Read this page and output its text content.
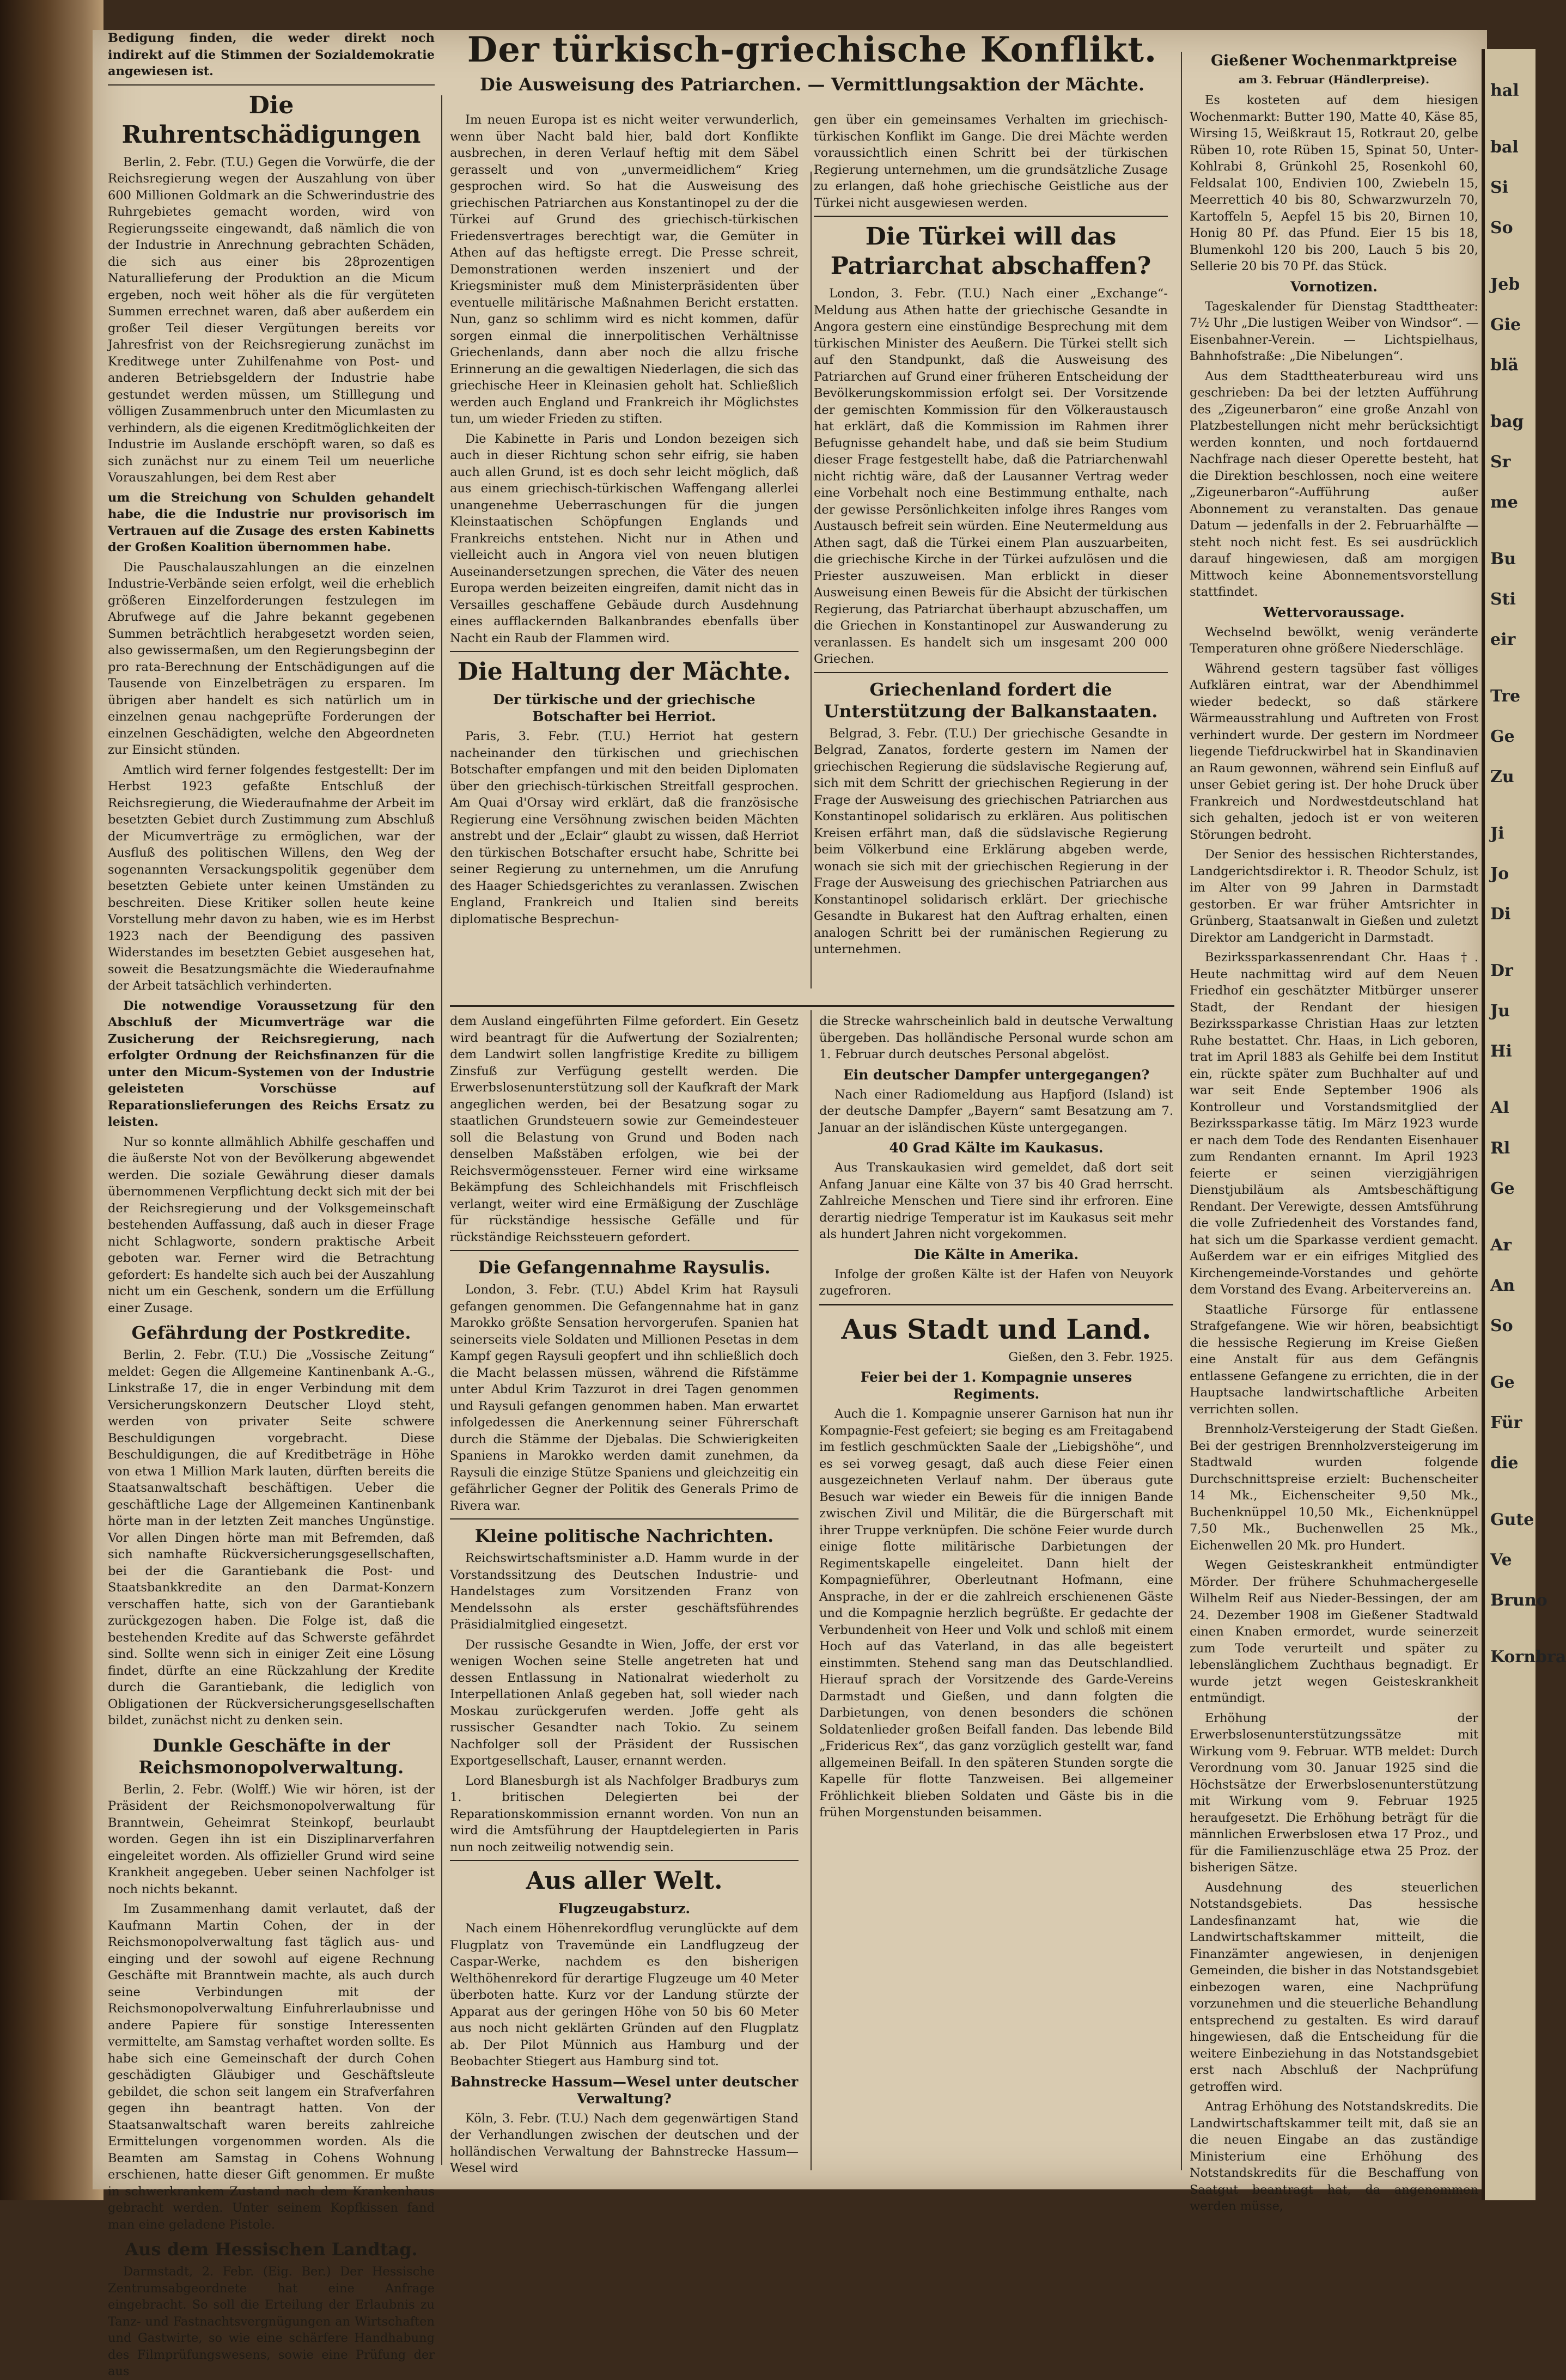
Bedigung finden, die weder direkt noch indirekt auf die Stimmen der Sozialdemokratie angewiesen ist.

Die Ruhrentschädigungen

Berlin, 2. Febr. (T.U.) Gegen die Vorwürfe, die der Reichsregierung wegen der Auszahlung von über 600 Millionen Goldmark an die Schwerindustrie des Ruhrgebietes gemacht worden, wird von Regierungsseite eingewandt, daß nämlich die von der Industrie in Anrechnung gebrachten Schäden, die sich aus einer bis 28prozentigen Naturallieferung der Produktion an die Micum ergeben, noch weit höher als die für vergüteten Summen errechnet waren, daß aber außerdem ein großer Teil dieser Vergütungen bereits vor Jahresfrist von der Reichsregierung zunächst im Kreditwege unter Zuhilfenahme von Post- und anderen Betriebsgeldern der Industrie habe gestundet werden müssen, um Stilllegung und völligen Zusammenbruch unter den Micumlasten zu verhindern, als die eigenen Kreditmöglichkeiten der Industrie im Auslande erschöpft waren, so daß es sich zunächst nur zu einem Teil um neuerliche Vorauszahlungen, bei dem Rest aber

um die Streichung von Schulden gehandelt habe, die die Industrie nur provisorisch im Vertrauen auf die Zusage des ersten Kabinetts der Großen Koalition übernommen habe.

Die Pauschalauszahlungen an die einzelnen Industrie-Verbände seien erfolgt, weil die erheblich größeren Einzelforderungen festzulegen im Abrufwege auf die Jahre bekannt gegebenen Summen beträchtlich herabgesetzt worden seien, also gewissermaßen, um den Regierungsbeginn der pro rata-Berechnung der Entschädigungen auf die Tausende von Einzelbeträgen zu ersparen. Im übrigen aber handelt es sich natürlich um in einzelnen genau nachgeprüfte Forderungen der einzelnen Geschädigten, welche den Abgeordneten zur Einsicht stünden.

Amtlich wird ferner folgendes festgestellt: Der im Herbst 1923 gefaßte Entschluß der Reichsregierung, die Wiederaufnahme der Arbeit im besetzten Gebiet durch Zustimmung zum Abschluß der Micumverträge zu ermöglichen, war der Ausfluß des politischen Willens, den Weg der sogenannten Versackungspolitik gegenüber dem besetzten Gebiete unter keinen Umständen zu beschreiten. Diese Kritiker sollen heute keine Vorstellung mehr davon zu haben, wie es im Herbst 1923 nach der Beendigung des passiven Widerstandes im besetzten Gebiet ausgesehen hat, soweit die Besatzungsmächte die Wiederaufnahme der Arbeit tatsächlich verhinderten.

Die notwendige Voraussetzung für den Abschluß der Micumverträge war die Zusicherung der Reichsregierung, nach erfolgter Ordnung der Reichsfinanzen für die unter den Micum-Systemen von der Industrie geleisteten Vorschüsse auf Reparationslieferungen des Reichs Ersatz zu leisten.

Nur so konnte allmählich Abhilfe geschaffen und die äußerste Not von der Bevölkerung abgewendet werden. Die soziale Gewährung dieser damals übernommenen Verpflichtung deckt sich mit der bei der Reichsregierung und der Volksgemeinschaft bestehenden Auffassung, daß auch in dieser Frage nicht Schlagworte, sondern praktische Arbeit geboten war. Ferner wird die Betrachtung gefordert: Es handelte sich auch bei der Auszahlung nicht um ein Geschenk, sondern um die Erfüllung einer Zusage.

Gefährdung der Postkredite.

Berlin, 2. Febr. (T.U.) Die „Vossische Zeitung“ meldet: Gegen die Allgemeine Kantinenbank A.-G., Linkstraße 17, die in enger Verbindung mit dem Versicherungskonzern Deutscher Lloyd steht, werden von privater Seite schwere Beschuldigungen vorgebracht. Diese Beschuldigungen, die auf Kreditbeträge in Höhe von etwa 1 Million Mark lauten, dürften bereits die Staatsanwaltschaft beschäftigen. Ueber die geschäftliche Lage der Allgemeinen Kantinenbank hörte man in der letzten Zeit manches Ungünstige. Vor allen Dingen hörte man mit Befremden, daß sich namhafte Rückversicherungsgesellschaften, bei der die Garantiebank die Post- und Staatsbankkredite an den Darmat-Konzern verschaffen hatte, sich von der Garantiebank zurückgezogen haben. Die Folge ist, daß die bestehenden Kredite auf das Schwerste gefährdet sind. Sollte wenn sich in einiger Zeit eine Lösung findet, dürfte an eine Rückzahlung der Kredite durch die Garantiebank, die lediglich von Obligationen der Rückversicherungsgesellschaften bildet, zunächst nicht zu denken sein.

Dunkle Geschäfte in der Reichsmonopolverwaltung.

Berlin, 2. Febr. (Wolff.) Wie wir hören, ist der Präsident der Reichsmonopolverwaltung für Branntwein, Geheimrat Steinkopf, beurlaubt worden. Gegen ihn ist ein Disziplinarverfahren eingeleitet worden. Als offizieller Grund wird seine Krankheit angegeben. Ueber seinen Nachfolger ist noch nichts bekannt.

Im Zusammenhang damit verlautet, daß der Kaufmann Martin Cohen, der in der Reichsmonopolverwaltung fast täglich aus- und einging und der sowohl auf eigene Rechnung Geschäfte mit Branntwein machte, als auch durch seine Verbindungen mit der Reichsmonopolverwaltung Einfuhrerlaubnisse und andere Papiere für sonstige Interessenten vermittelte, am Samstag verhaftet worden sollte. Es habe sich eine Gemeinschaft der durch Cohen geschädigten Gläubiger und Geschäftsleute gebildet, die schon seit langem ein Strafverfahren gegen ihn beantragt hatten. Von der Staatsanwaltschaft waren bereits zahlreiche Ermittelungen vorgenommen worden. Als die Beamten am Samstag in Cohens Wohnung erschienen, hatte dieser Gift genommen. Er mußte in schwerkrankem Zustand nach dem Krankenhaus gebracht werden. Unter seinem Kopfkissen fand man eine geladene Pistole.

Aus dem Hessischen Landtag.

Darmstadt, 2. Febr. (Eig. Ber.) Der Hessische Zentrumsabgeordnete hat eine Anfrage eingebracht. So soll die Erteilung der Erlaubnis zu Tanz- und Fastnachtsvergnügungen an Wirtschaften und Gastwirte, so wie eine schärfere Handhabung des Filmprüfungswesens, sowie eine Prüfung der aus

Der türkisch-griechische Konflikt.
Die Ausweisung des Patriarchen. — Vermittlungsaktion der Mächte.

Im neuen Europa ist es nicht weiter verwunderlich, wenn über Nacht bald hier, bald dort Konflikte ausbrechen, in deren Verlauf heftig mit dem Säbel gerasselt und von „unvermeidlichem“ Krieg gesprochen wird. So hat die Ausweisung des griechischen Patriarchen aus Konstantinopel zu der die Türkei auf Grund des griechisch-türkischen Friedensvertrages berechtigt war, die Gemüter in Athen auf das heftigste erregt. Die Presse schreit, Demonstrationen werden inszeniert und der Kriegsminister muß dem Ministerpräsidenten über eventuelle militärische Maßnahmen Bericht erstatten. Nun, ganz so schlimm wird es nicht kommen, dafür sorgen einmal die innerpolitischen Verhältnisse Griechenlands, dann aber noch die allzu frische Erinnerung an die gewaltigen Niederlagen, die sich das griechische Heer in Kleinasien geholt hat. Schließlich werden auch England und Frankreich ihr Möglichstes tun, um wieder Frieden zu stiften.

Die Kabinette in Paris und London bezeigen sich auch in dieser Richtung schon sehr eifrig, sie haben auch allen Grund, ist es doch sehr leicht möglich, daß aus einem griechisch-türkischen Waffengang allerlei unangenehme Ueberraschungen für die jungen Kleinstaatischen Schöpfungen Englands und Frankreichs entstehen. Nicht nur in Athen und vielleicht auch in Angora viel von neuen blutigen Auseinandersetzungen sprechen, die Väter des neuen Europa werden beizeiten eingreifen, damit nicht das in Versailles geschaffene Gebäude durch Ausdehnung eines aufflackernden Balkanbrandes ebenfalls über Nacht ein Raub der Flammen wird.

Die Haltung der Mächte.
Der türkische und der griechische Botschafter bei Herriot.

Paris, 3. Febr. (T.U.) Herriot hat gestern nacheinander den türkischen und griechischen Botschafter empfangen und mit den beiden Diplomaten über den griechisch-türkischen Streitfall gesprochen. Am Quai d'Orsay wird erklärt, daß die französische Regierung eine Versöhnung zwischen beiden Mächten anstrebt und der „Eclair“ glaubt zu wissen, daß Herriot den türkischen Botschafter ersucht habe, Schritte bei seiner Regierung zu unternehmen, um die Anrufung des Haager Schiedsgerichtes zu veranlassen. Zwischen England, Frankreich und Italien sind bereits diplomatische Besprechun-

gen über ein gemeinsames Verhalten im griechisch-türkischen Konflikt im Gange. Die drei Mächte werden voraussichtlich einen Schritt bei der türkischen Regierung unternehmen, um die grundsätzliche Zusage zu erlangen, daß hohe griechische Geistliche aus der Türkei nicht ausgewiesen werden.

Die Türkei will das Patriarchat abschaffen?

London, 3. Febr. (T.U.) Nach einer „Exchange“-Meldung aus Athen hatte der griechische Gesandte in Angora gestern eine einstündige Besprechung mit dem türkischen Minister des Aeußern. Die Türkei stellt sich auf den Standpunkt, daß die Ausweisung des Patriarchen auf Grund einer früheren Entscheidung der Bevölkerungskommission erfolgt sei. Der Vorsitzende der gemischten Kommission für den Völkeraustausch hat erklärt, daß die Kommission im Rahmen ihrer Befugnisse gehandelt habe, und daß sie beim Studium dieser Frage festgestellt habe, daß die Patriarchenwahl nicht richtig wäre, daß der Lausanner Vertrag weder eine Vorbehalt noch eine Bestimmung enthalte, nach der gewisse Persönlichkeiten infolge ihres Ranges vom Austausch befreit sein würden. Eine Neutermeldung aus Athen sagt, daß die Türkei einem Plan auszuarbeiten, die griechische Kirche in der Türkei aufzulösen und die Priester auszuweisen. Man erblickt in dieser Ausweisung einen Beweis für die Absicht der türkischen Regierung, das Patriarchat überhaupt abzuschaffen, um die Griechen in Konstantinopel zur Auswanderung zu veranlassen. Es handelt sich um insgesamt 200 000 Griechen.

Griechenland fordert die Unterstützung der Balkanstaaten.

Belgrad, 3. Febr. (T.U.) Der griechische Gesandte in Belgrad, Zanatos, forderte gestern im Namen der griechischen Regierung die südslavische Regierung auf, sich mit dem Schritt der griechischen Regierung in der Frage der Ausweisung des griechischen Patriarchen aus Konstantinopel solidarisch zu erklären. Aus politischen Kreisen erfährt man, daß die südslavische Regierung beim Völkerbund eine Erklärung abgeben werde, wonach sie sich mit der griechischen Regierung in der Frage der Ausweisung des griechischen Patriarchen aus Konstantinopel solidarisch erklärt. Der griechische Gesandte in Bukarest hat den Auftrag erhalten, einen analogen Schritt bei der rumänischen Regierung zu unternehmen.

dem Ausland eingeführten Filme gefordert. Ein Gesetz wird beantragt für die Aufwertung der Sozialrenten; dem Landwirt sollen langfristige Kredite zu billigem Zinsfuß zur Verfügung gestellt werden. Die Erwerbslosenunterstützung soll der Kaufkraft der Mark angeglichen werden, bei der Besatzung sogar zu staatlichen Grundsteuern sowie zur Gemeindesteuer soll die Belastung von Grund und Boden nach denselben Maßstäben erfolgen, wie bei der Reichsvermögenssteuer. Ferner wird eine wirksame Bekämpfung des Schleichhandels mit Frischfleisch verlangt, weiter wird eine Ermäßigung der Zuschläge für rückständige hessische Gefälle und für rückständige Reichssteuern gefordert.

Die Gefangennahme Raysulis.

London, 3. Febr. (T.U.) Abdel Krim hat Raysuli gefangen genommen. Die Gefangennahme hat in ganz Marokko größte Sensation hervorgerufen. Spanien hat seinerseits viele Soldaten und Millionen Pesetas in dem Kampf gegen Raysuli geopfert und ihn schließlich doch die Macht belassen müssen, während die Rifstämme unter Abdul Krim Tazzurot in drei Tagen genommen und Raysuli gefangen genommen haben. Man erwartet infolgedessen die Anerkennung seiner Führerschaft durch die Stämme der Djebalas. Die Schwierigkeiten Spaniens in Marokko werden damit zunehmen, da Raysuli die einzige Stütze Spaniens und gleichzeitig ein gefährlicher Gegner der Politik des Generals Primo de Rivera war.

Kleine politische Nachrichten.

Reichswirtschaftsminister a.D. Hamm wurde in der Vorstandssitzung des Deutschen Industrie- und Handelstages zum Vorsitzenden Franz von Mendelssohn als erster geschäftsführendes Präsidialmitglied eingesetzt.

Der russische Gesandte in Wien, Joffe, der erst vor wenigen Wochen seine Stelle angetreten hat und dessen Entlassung in Nationalrat wiederholt zu Interpellationen Anlaß gegeben hat, soll wieder nach Moskau zurückgerufen werden. Joffe geht als russischer Gesandter nach Tokio. Zu seinem Nachfolger soll der Präsident der Russischen Exportgesellschaft, Lauser, ernannt werden.

Lord Blanesburgh ist als Nachfolger Bradburys zum 1. britischen Delegierten bei der Reparationskommission ernannt worden. Von nun an wird die Amtsführung der Hauptdelegierten in Paris nun noch zeitweilig notwendig sein.

Aus aller Welt.
Flugzeugabsturz.

Nach einem Höhenrekordflug verunglückte auf dem Flugplatz von Travemünde ein Landflugzeug der Caspar-Werke, nachdem es den bisherigen Welthöhenrekord für derartige Flugzeuge um 40 Meter überboten hatte. Kurz vor der Landung stürzte der Apparat aus der geringen Höhe von 50 bis 60 Meter aus noch nicht geklärten Gründen auf den Flugplatz ab. Der Pilot Münnich aus Hamburg und der Beobachter Stiegert aus Hamburg sind tot.

Bahnstrecke Hassum—Wesel unter deutscher Verwaltung?

Köln, 3. Febr. (T.U.) Nach dem gegenwärtigen Stand der Verhandlungen zwischen der deutschen und der holländischen Verwaltung der Bahnstrecke Hassum—Wesel wird

die Strecke wahrscheinlich bald in deutsche Verwaltung übergeben. Das holländische Personal wurde schon am 1. Februar durch deutsches Personal abgelöst.

Ein deutscher Dampfer untergegangen?

Nach einer Radiomeldung aus Hapfjord (Island) ist der deutsche Dampfer „Bayern“ samt Besatzung am 7. Januar an der isländischen Küste untergegangen.

40 Grad Kälte im Kaukasus.

Aus Transkaukasien wird gemeldet, daß dort seit Anfang Januar eine Kälte von 37 bis 40 Grad herrscht. Zahlreiche Menschen und Tiere sind ihr erfroren. Eine derartig niedrige Temperatur ist im Kaukasus seit mehr als hundert Jahren nicht vorgekommen.

Die Kälte in Amerika.

Infolge der großen Kälte ist der Hafen von Neuyork zugefroren.

Aus Stadt und Land.

Gießen, den 3. Febr. 1925.

Feier bei der 1. Kompagnie unseres Regiments.

Auch die 1. Kompagnie unserer Garnison hat nun ihr Kompagnie-Fest gefeiert; sie beging es am Freitagabend im festlich geschmückten Saale der „Liebigshöhe“, und es sei vorweg gesagt, daß auch diese Feier einen ausgezeichneten Verlauf nahm. Der überaus gute Besuch war wieder ein Beweis für die innigen Bande zwischen Zivil und Militär, die die Bürgerschaft mit ihrer Truppe verknüpfen. Die schöne Feier wurde durch einige flotte militärische Darbietungen der Regimentskapelle eingeleitet. Dann hielt der Kompagnieführer, Oberleutnant Hofmann, eine Ansprache, in der er die zahlreich erschienenen Gäste und die Kompagnie herzlich begrüßte. Er gedachte der Verbundenheit von Heer und Volk und schloß mit einem Hoch auf das Vaterland, in das alle begeistert einstimmten. Stehend sang man das Deutschlandlied. Hierauf sprach der Vorsitzende des Garde-Vereins Darmstadt und Gießen, und dann folgten die Darbietungen, von denen besonders die schönen Soldatenlieder großen Beifall fanden. Das lebende Bild „Fridericus Rex“, das ganz vorzüglich gestellt war, fand allgemeinen Beifall. In den späteren Stunden sorgte die Kapelle für flotte Tanzweisen. Bei allgemeiner Fröhlichkeit blieben Soldaten und Gäste bis in die frühen Morgenstunden beisammen.

Gießener Wochenmarktpreise
am 3. Februar (Händlerpreise).

Es kosteten auf dem hiesigen Wochenmarkt: Butter 190, Matte 40, Käse 85, Wirsing 15, Weißkraut 15, Rotkraut 20, gelbe Rüben 10, rote Rüben 15, Spinat 50, Unter-Kohlrabi 8, Grünkohl 25, Rosenkohl 60, Feldsalat 100, Endivien 100, Zwiebeln 15, Meerrettich 40 bis 80, Schwarzwurzeln 70, Kartoffeln 5, Aepfel 15 bis 20, Birnen 10, Honig 80 Pf. das Pfund. Eier 15 bis 18, Blumenkohl 120 bis 200, Lauch 5 bis 20, Sellerie 20 bis 70 Pf. das Stück.

Vornotizen.

Tageskalender für Dienstag Stadttheater: 7½ Uhr „Die lustigen Weiber von Windsor“. — Eisenbahner-Verein. — Lichtspielhaus, Bahnhofstraße: „Die Nibelungen“.

Aus dem Stadttheaterbureau wird uns geschrieben: Da bei der letzten Aufführung des „Zigeunerbaron“ eine große Anzahl von Platzbestellungen nicht mehr berücksichtigt werden konnten, und noch fortdauernd Nachfrage nach dieser Operette besteht, hat die Direktion beschlossen, noch eine weitere „Zigeunerbaron“-Aufführung außer Abonnement zu veranstalten. Das genaue Datum — jedenfalls in der 2. Februarhälfte — steht noch nicht fest. Es sei ausdrücklich darauf hingewiesen, daß am morgigen Mittwoch keine Abonnementsvorstellung stattfindet.

Wettervoraussage.

Wechselnd bewölkt, wenig veränderte Temperaturen ohne größere Niederschläge.

Während gestern tagsüber fast völliges Aufklären eintrat, war der Abendhimmel wieder bedeckt, so daß stärkere Wärmeausstrahlung und Auftreten von Frost verhindert wurde. Der gestern im Nordmeer liegende Tiefdruckwirbel hat in Skandinavien an Raum gewonnen, während sein Einfluß auf unser Gebiet gering ist. Der hohe Druck über Frankreich und Nordwestdeutschland hat sich gehalten, jedoch ist er von weiteren Störungen bedroht.

Der Senior des hessischen Richterstandes, Landgerichtsdirektor i. R. Theodor Schulz, ist im Alter von 99 Jahren in Darmstadt gestorben. Er war früher Amtsrichter in Grünberg, Staatsanwalt in Gießen und zuletzt Direktor am Landgericht in Darmstadt.

Bezirkssparkassenrendant Chr. Haas †. Heute nachmittag wird auf dem Neuen Friedhof ein geschätzter Mitbürger unserer Stadt, der Rendant der hiesigen Bezirkssparkasse Christian Haas zur letzten Ruhe bestattet. Chr. Haas, in Lich geboren, trat im April 1883 als Gehilfe bei dem Institut ein, rückte später zum Buchhalter auf und war seit Ende September 1906 als Kontrolleur und Vorstandsmitglied der Bezirkssparkasse tätig. Im März 1923 wurde er nach dem Tode des Rendanten Eisenhauer zum Rendanten ernannt. Im April 1923 feierte er seinen vierzigjährigen Dienstjubiläum als Amtsbeschäftigung Rendant. Der Verewigte, dessen Amtsführung die volle Zufriedenheit des Vorstandes fand, hat sich um die Sparkasse verdient gemacht. Außerdem war er ein eifriges Mitglied des Kirchengemeinde-Vorstandes und gehörte dem Vorstand des Evang. Arbeitervereins an.

Staatliche Fürsorge für entlassene Strafgefangene. Wie wir hören, beabsichtigt die hessische Regierung im Kreise Gießen eine Anstalt für aus dem Gefängnis entlassene Gefangene zu errichten, die in der Hauptsache landwirtschaftliche Arbeiten verrichten sollen.

Brennholz-Versteigerung der Stadt Gießen. Bei der gestrigen Brennholzversteigerung im Stadtwald wurden folgende Durchschnittspreise erzielt: Buchenscheiter 14 Mk., Eichenscheiter 9,50 Mk., Buchenknüppel 10,50 Mk., Eichenknüppel 7,50 Mk., Buchenwellen 25 Mk., Eichenwellen 20 Mk. pro Hundert.

Wegen Geisteskrankheit entmündigter Mörder. Der frühere Schuhmachergeselle Wilhelm Reif aus Nieder-Bessingen, der am 24. Dezember 1908 im Gießener Stadtwald einen Knaben ermordet, wurde seinerzeit zum Tode verurteilt und später zu lebenslänglichem Zuchthaus begnadigt. Er wurde jetzt wegen Geisteskrankheit entmündigt.

Erhöhung der Erwerbslosenunterstützungssätze mit Wirkung vom 9. Februar. WTB meldet: Durch Verordnung vom 30. Januar 1925 sind die Höchstsätze der Erwerbslosenunterstützung mit Wirkung vom 9. Februar 1925 heraufgesetzt. Die Erhöhung beträgt für die männlichen Erwerbslosen etwa 17 Proz., und für die Familienzuschläge etwa 25 Proz. der bisherigen Sätze.

Ausdehnung des steuerlichen Notstandsgebiets. Das hessische Landesfinanzamt hat, wie die Landwirtschaftskammer mitteilt, die Finanzämter angewiesen, in denjenigen Gemeinden, die bisher in das Notstandsgebiet einbezogen waren, eine Nachprüfung vorzunehmen und die steuerliche Behandlung entsprechend zu gestalten. Es wird darauf hingewiesen, daß die Entscheidung für die weitere Einbeziehung in das Notstandsgebiet erst nach Abschluß der Nachprüfung getroffen wird.

Antrag Erhöhung des Notstandskredits. Die Landwirtschaftskammer teilt mit, daß sie an die neuen Eingabe an das zuständige Ministerium eine Erhöhung des Notstandskredits für die Beschaffung von Saatgut beantragt hat, da angenommen werden müsse,

hal
bal
Si
So
Jeb
Gie
blä
bag
Sr
me
Bu
Sti
eir
Tre
Ge
Zu
Ji
Jo
Di
Dr
Ju
Hi
Al
Rl
Ge
Ar
An
So
Ge
Für
die
Gute
Ve
Bruno
Kornbra
